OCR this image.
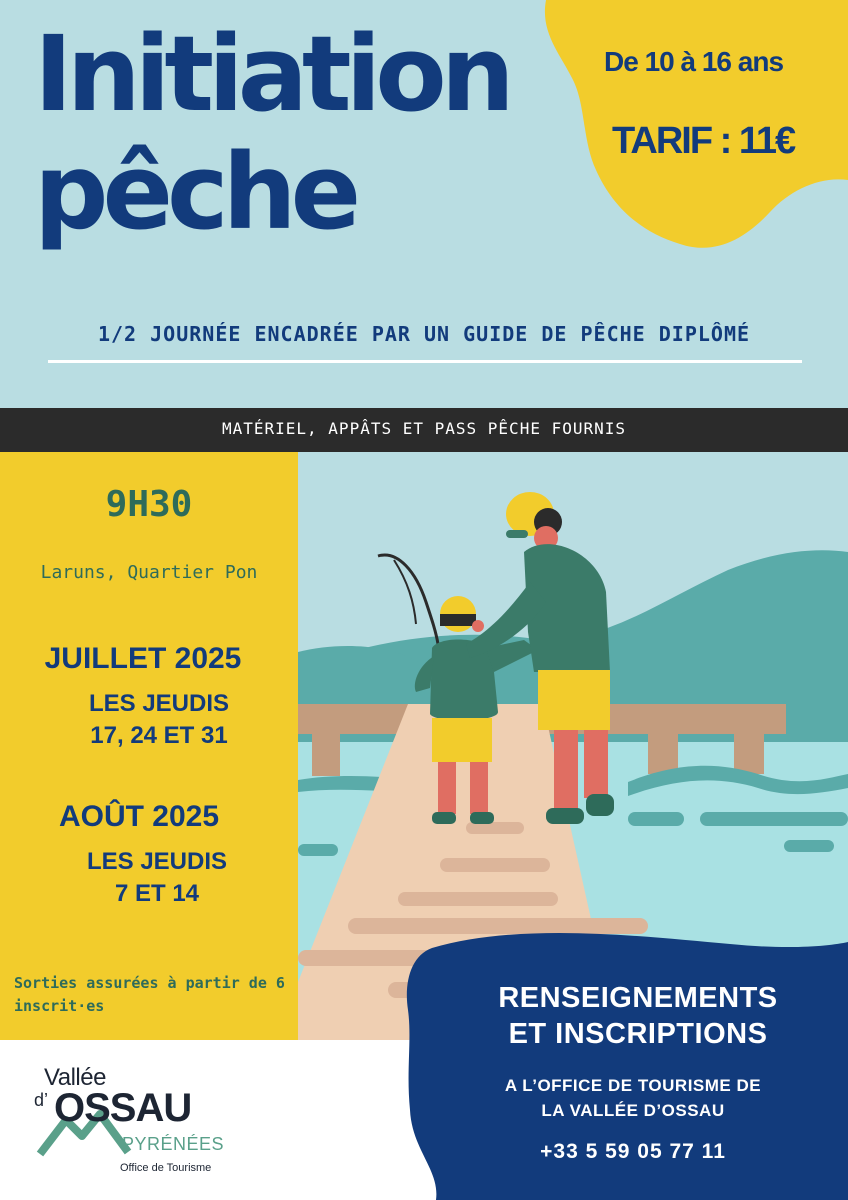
Initiation
pêche
De 10 à 16 ans
TARIF : 11€
1/2 JOURNÉE ENCADRÉE PAR UN GUIDE DE PÊCHE DIPLÔMÉ
MATÉRIEL, APPÂTS ET PASS PÊCHE FOURNIS
9H30
Laruns, Quartier Pon
JUILLET 2025
LES JEUDIS
17, 24 ET 31
AOÛT 2025
LES JEUDIS
7 ET 14
Sorties assurées à partir de 6 inscrit·es	RENSEIGNEMENTS
ET INSCRIPTIONS
A L’OFFICE DE TOURISME DE
LA VALLÉE D’OSSAU
+33 5 59 05 77 11
Vallée
d’ OSSAU
PYRÉNÉES
Office de Tourisme
